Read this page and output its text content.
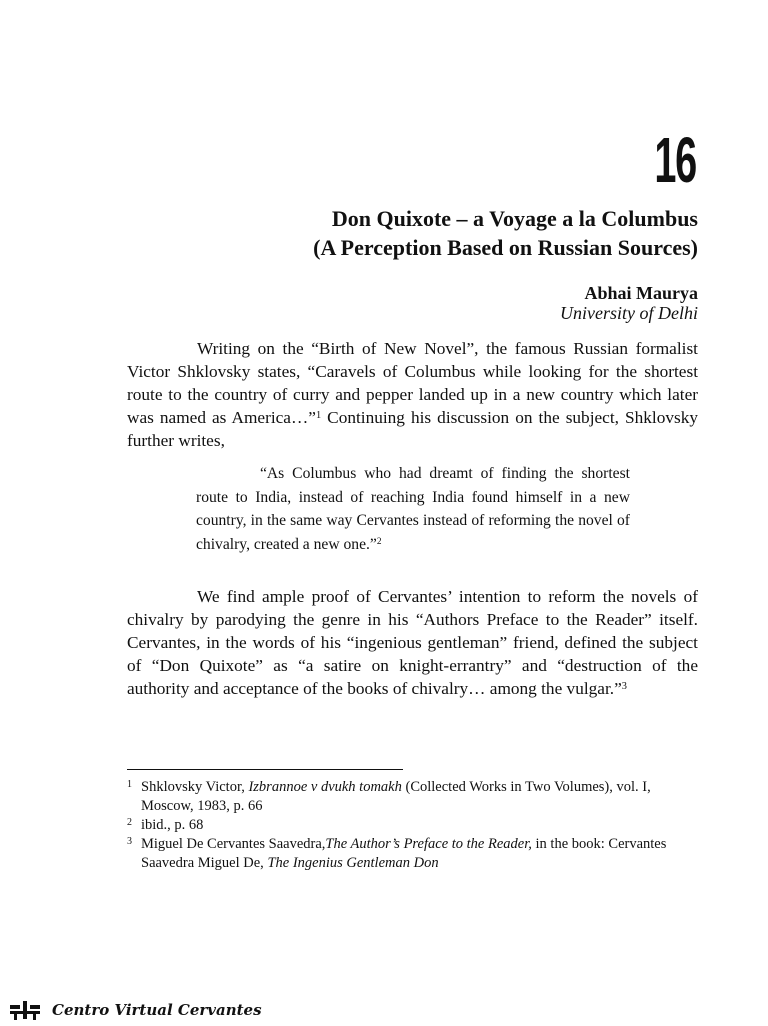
16
Don Quixote – a Voyage a la Columbus
(A Perception Based on Russian Sources)
Abhai Maurya
University of Delhi

Writing on the “Birth of New Novel”, the famous Russian formalist Victor Shklovsky states, “Caravels of Columbus while looking for the shortest route to the country of curry and pepper landed up in a new country which later was named as America…”$^1$ Continuing his discussion on the subject, Shklovsky further writes,

“As Columbus who had dreamt of finding the shortest route to India, instead of reaching India found himself in a new country, in the same way Cervantes instead of reforming the novel of chivalry, created a new one.”$^2$

We find ample proof of Cervantes’ intention to reform the novels of chivalry by parodying the genre in his “Authors Preface to the Reader” itself. Cervantes, in the words of his “ingenious gentleman” friend, defined the subject of “Don Quixote” as “a satire on knight-errantry” and “destruction of the authority and acceptance of the books of chivalry… among the vulgar.”$^3$

1 Shklovsky Victor, Izbrannoe v dvukh tomakh (Collected Works in Two Volumes), vol. I, Moscow, 1983, p. 66

2 ibid., p. 68

3 Miguel De Cervantes Saavedra,The Author’s Preface to the Reader, in the book: Cervantes Saavedra Miguel De, The Ingenius Gentleman Don

Centro Virtual Cervantes
